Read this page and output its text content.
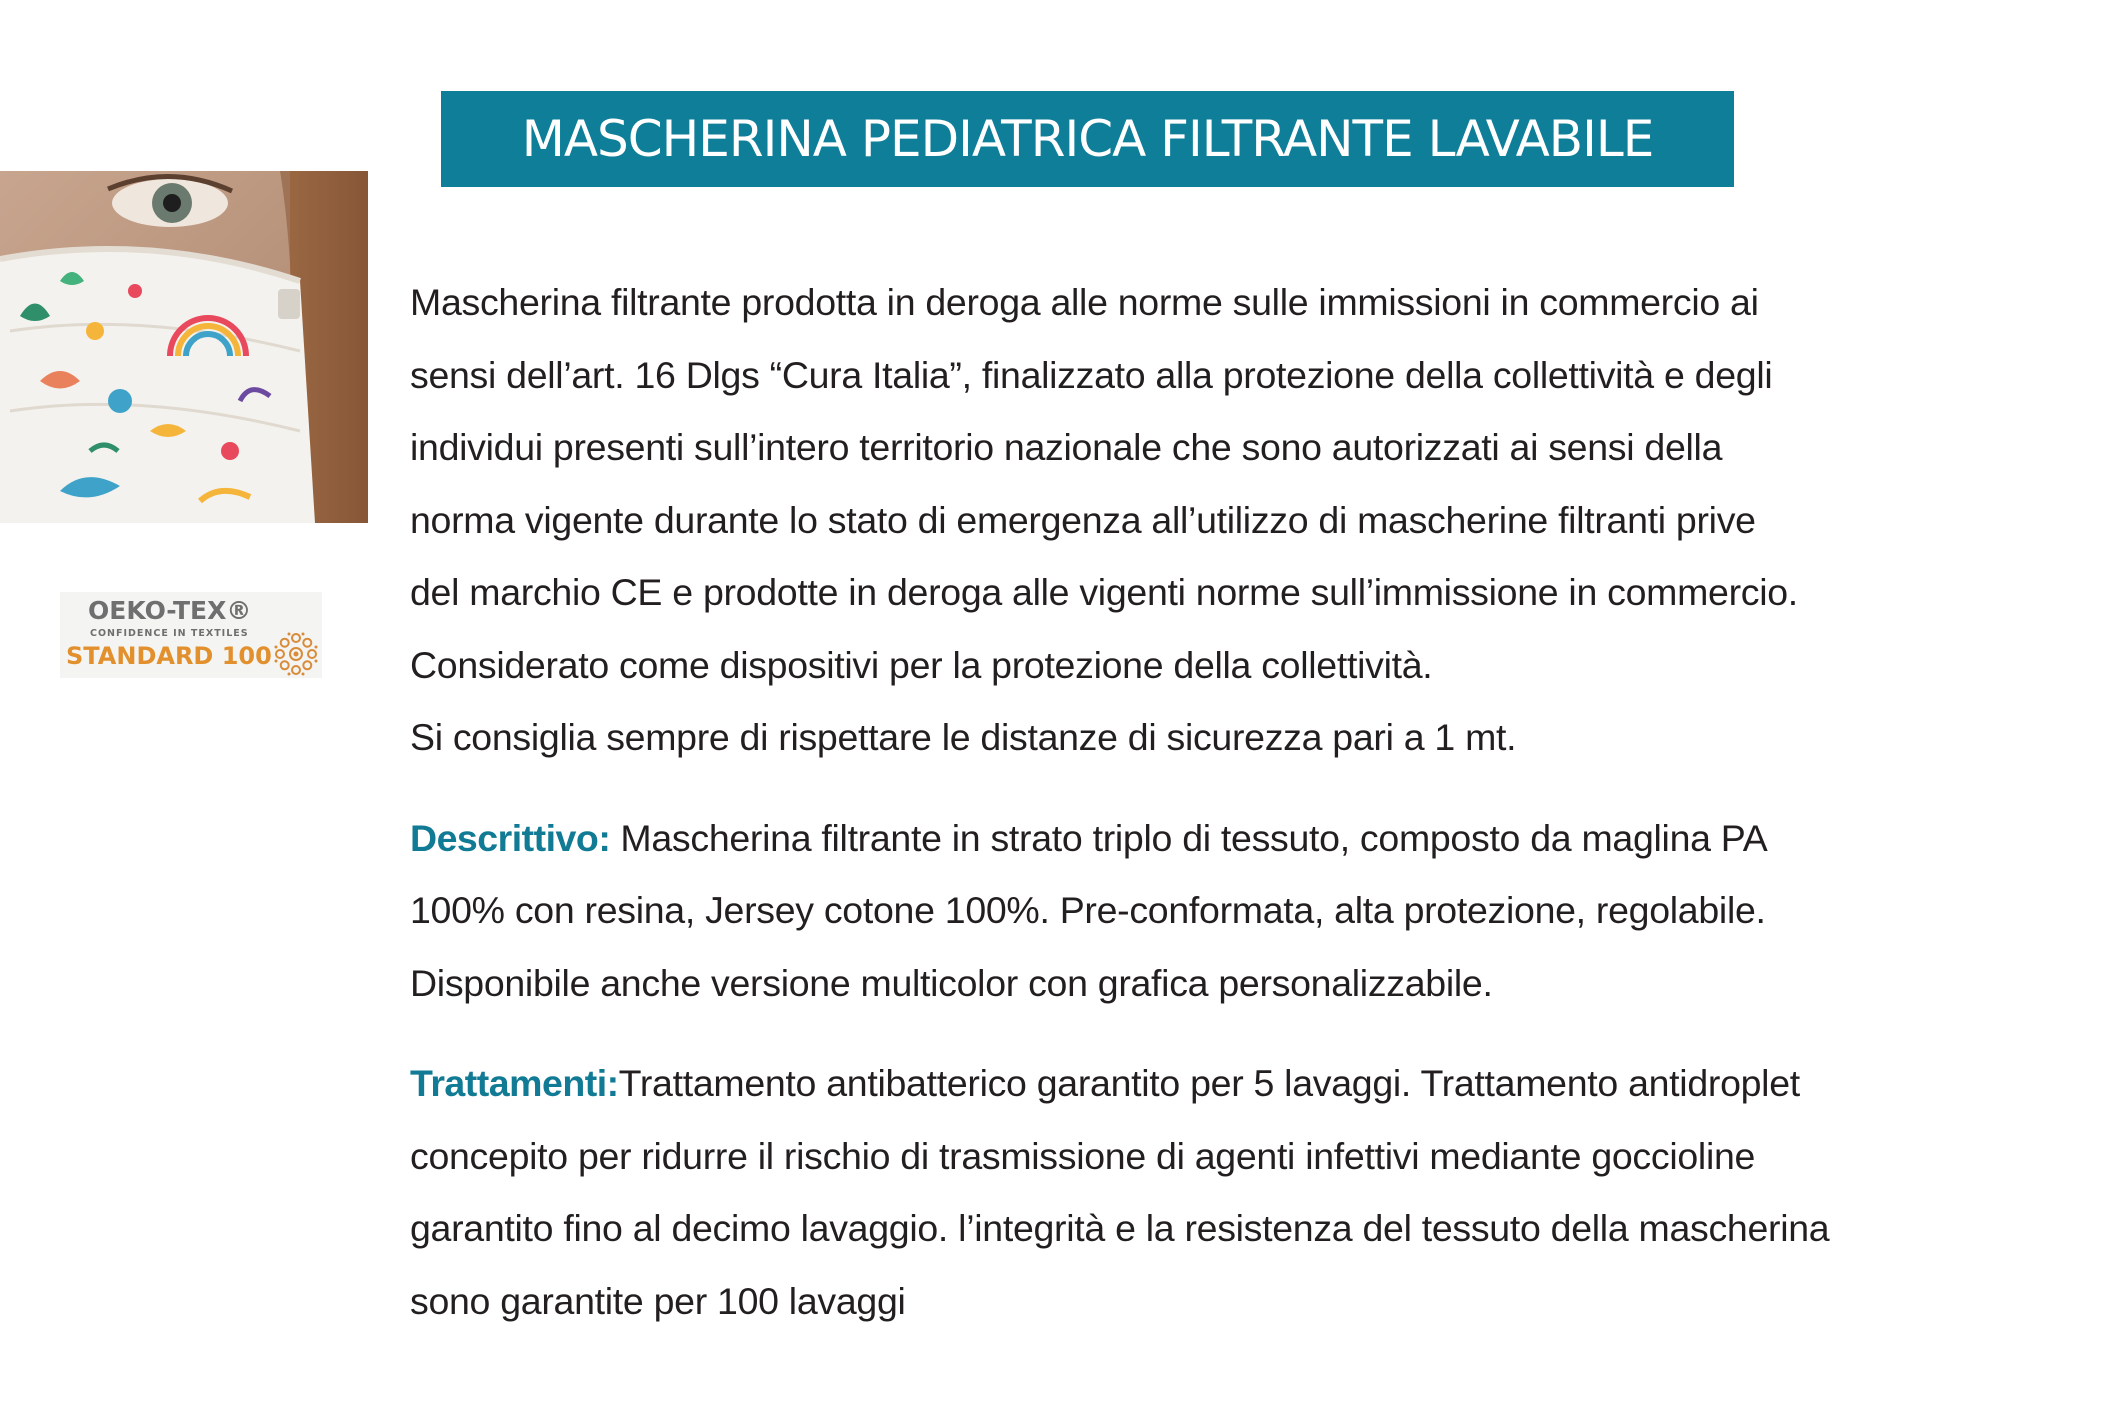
MASCHERINA PEDIATRICA FILTRANTE LAVABILE
OEKO-TEX®
CONFIDENCE IN TEXTILES
STANDARD 100
Mascherina filtrante prodotta in deroga alle norme sulle immissioni in commercio ai
sensi dell’art. 16 Dlgs “Cura Italia”, finalizzato alla protezione della collettività e degli
individui presenti sull’intero territorio nazionale che sono autorizzati ai sensi della
norma vigente durante lo stato di emergenza all’utilizzo di mascherine filtranti prive
del marchio CE e prodotte in deroga alle vigenti norme sull’immissione in commercio.
Considerato come dispositivi per la protezione della collettività.
Si consiglia sempre di rispettare le distanze di sicurezza pari a 1 mt.
Descrittivo: Mascherina filtrante in strato triplo di tessuto, composto da maglina PA
100% con resina, Jersey cotone 100%. Pre-conformata, alta protezione, regolabile.
Disponibile anche versione multicolor con grafica personalizzabile.
Trattamenti:Trattamento antibatterico garantito per 5 lavaggi. Trattamento antidroplet
concepito per ridurre il rischio di trasmissione di agenti infettivi mediante goccioline
garantito fino al decimo lavaggio. l’integrità e la resistenza del tessuto della mascherina
sono garantite per 100 lavaggi
